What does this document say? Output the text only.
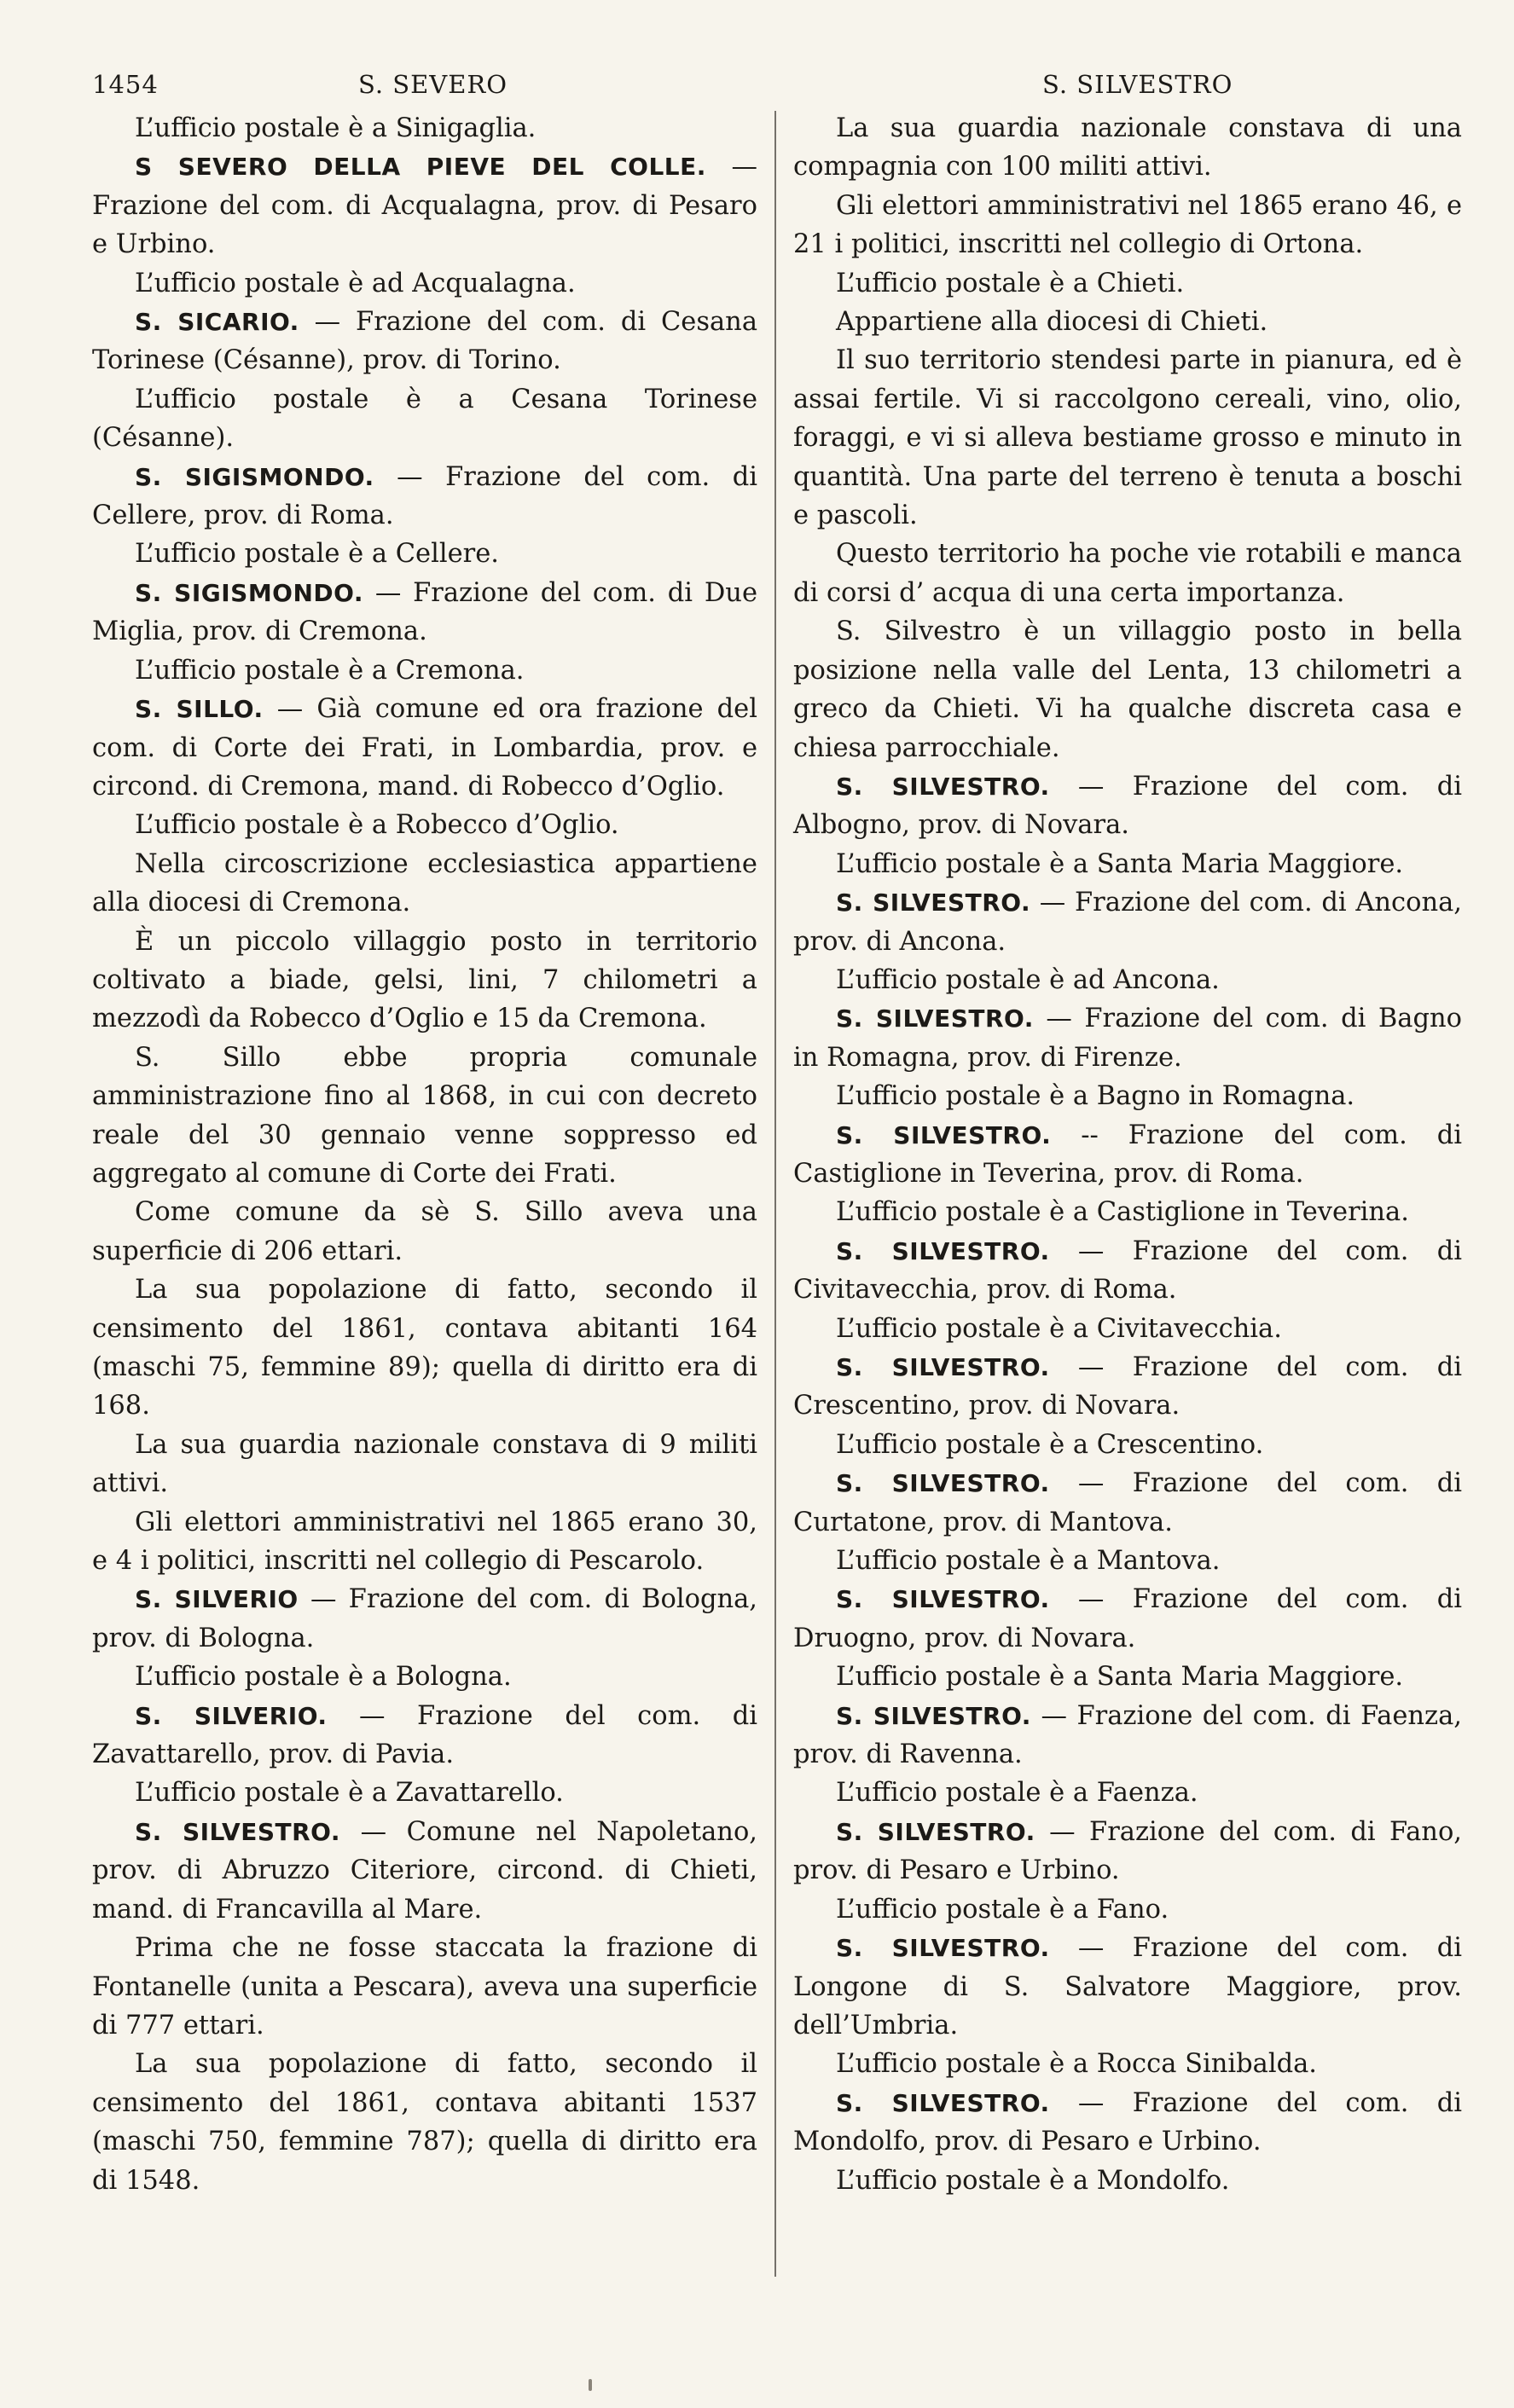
1454	S. SEVERO	S. SILVESTRO

L’ufficio postale è a Sinigaglia.

S SEVERO DELLA PIEVE DEL COLLE. — Frazione del com. di Acqualagna, prov. di Pesaro e Urbino.

L’ufficio postale è ad Acqualagna.

S. SICARIO. — Frazione del com. di Cesana Torinese (Césanne), prov. di Torino.

L’ufficio postale è a Cesana Torinese (Césanne).

S. SIGISMONDO. — Frazione del com. di Cellere, prov. di Roma.

L’ufficio postale è a Cellere.

S. SIGISMONDO. — Frazione del com. di Due Miglia, prov. di Cremona.

L’ufficio postale è a Cremona.

S. SILLO. — Già comune ed ora frazione del com. di Corte dei Frati, in Lombardia, prov. e circond. di Cremona, mand. di Robecco d’Oglio.

L’ufficio postale è a Robecco d’Oglio.

Nella circoscrizione ecclesiastica appartiene alla diocesi di Cremona.

È un piccolo villaggio posto in territorio coltivato a biade, gelsi, lini, 7 chilometri a mezzodì da Robecco d’Oglio e 15 da Cremona.

S. Sillo ebbe propria comunale amministrazione fino al 1868, in cui con decreto reale del 30 gennaio venne soppresso ed aggregato al comune di Corte dei Frati.

Come comune da sè S. Sillo aveva una superficie di 206 ettari.

La sua popolazione di fatto, secondo il censimento del 1861, contava abitanti 164 (maschi 75, femmine 89); quella di diritto era di 168.

La sua guardia nazionale constava di 9 militi attivi.

Gli elettori amministrativi nel 1865 erano 30, e 4 i politici, inscritti nel collegio di Pescarolo.

S. SILVERIO — Frazione del com. di Bologna, prov. di Bologna.

L’ufficio postale è a Bologna.

S. SILVERIO. — Frazione del com. di Zavattarello, prov. di Pavia.

L’ufficio postale è a Zavattarello.

S. SILVESTRO. — Comune nel Napoletano, prov. di Abruzzo Citeriore, circond. di Chieti, mand. di Francavilla al Mare.

Prima che ne fosse staccata la frazione di Fontanelle (unita a Pescara), aveva una superficie di 777 ettari.

La sua popolazione di fatto, secondo il censimento del 1861, contava abitanti 1537 (maschi 750, femmine 787); quella di diritto era di 1548.

La sua guardia nazionale constava di una compagnia con 100 militi attivi.

Gli elettori amministrativi nel 1865 erano 46, e 21 i politici, inscritti nel collegio di Ortona.

L’ufficio postale è a Chieti.

Appartiene alla diocesi di Chieti.

Il suo territorio stendesi parte in pianura, ed è assai fertile. Vi si raccolgono cereali, vino, olio, foraggi, e vi si alleva bestiame grosso e minuto in quantità. Una parte del terreno è tenuta a boschi e pascoli.

Questo territorio ha poche vie rotabili e manca di corsi d’ acqua di una certa importanza.

S. Silvestro è un villaggio posto in bella posizione nella valle del Lenta, 13 chilometri a greco da Chieti. Vi ha qualche discreta casa e chiesa parrocchiale.

S. SILVESTRO. — Frazione del com. di Albogno, prov. di Novara.

L’ufficio postale è a Santa Maria Maggiore.

S. SILVESTRO. — Frazione del com. di Ancona, prov. di Ancona.

L’ufficio postale è ad Ancona.

S. SILVESTRO. — Frazione del com. di Bagno in Romagna, prov. di Firenze.

L’ufficio postale è a Bagno in Romagna.

S. SILVESTRO. -- Frazione del com. di Castiglione in Teverina, prov. di Roma.

L’ufficio postale è a Castiglione in Teverina.

S. SILVESTRO. — Frazione del com. di Civitavecchia, prov. di Roma.

L’ufficio postale è a Civitavecchia.

S. SILVESTRO. — Frazione del com. di Crescentino, prov. di Novara.

L’ufficio postale è a Crescentino.

S. SILVESTRO. — Frazione del com. di Curtatone, prov. di Mantova.

L’ufficio postale è a Mantova.

S. SILVESTRO. — Frazione del com. di Druogno, prov. di Novara.

L’ufficio postale è a Santa Maria Maggiore.

S. SILVESTRO. — Frazione del com. di Faenza, prov. di Ravenna.

L’ufficio postale è a Faenza.

S. SILVESTRO. — Frazione del com. di Fano, prov. di Pesaro e Urbino.

L’ufficio postale è a Fano.

S. SILVESTRO. — Frazione del com. di Longone di S. Salvatore Maggiore, prov. dell’Umbria.

L’ufficio postale è a Rocca Sinibalda.

S. SILVESTRO. — Frazione del com. di Mondolfo, prov. di Pesaro e Urbino.

L’ufficio postale è a Mondolfo.
